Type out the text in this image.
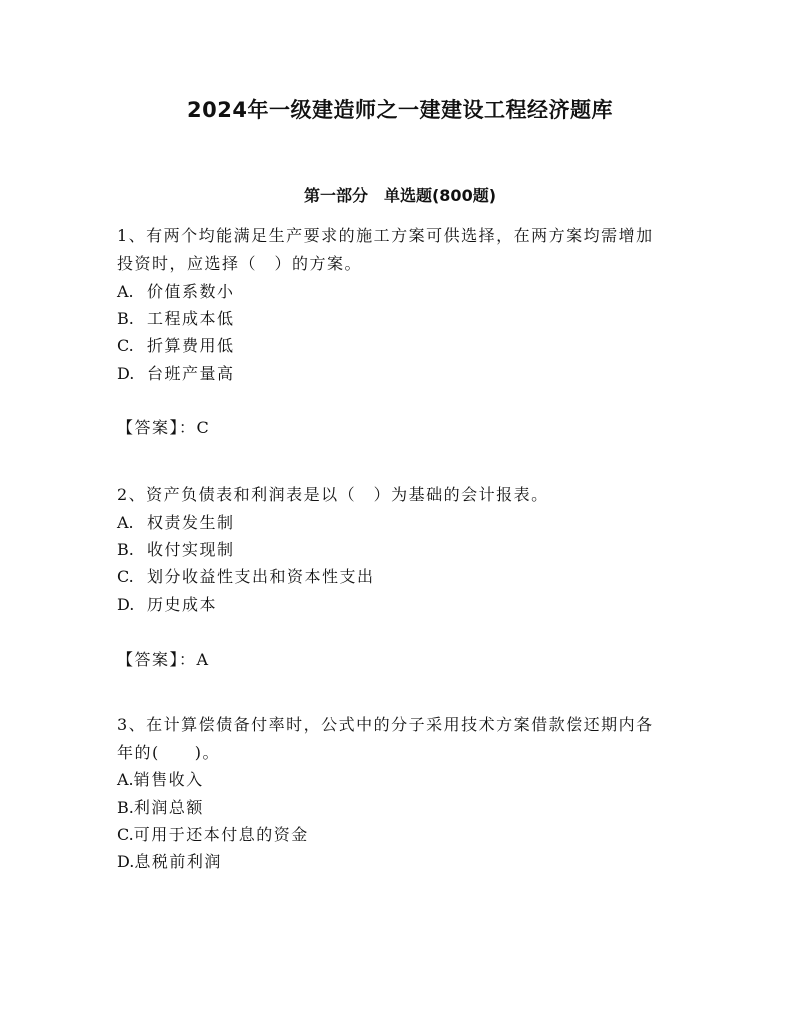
2024年一级建造师之一建建设工程经济题库
第一部分　单选题(800题)
1、有两个均能满足生产要求的施工方案可供选择，在两方案均需增加
投资时，应选择（　）的方案。
A. 价值系数小
B. 工程成本低
C. 折算费用低
D. 台班产量高
【答案】：C
2、资产负债表和利润表是以（　）为基础的会计报表。
A. 权责发生制
B. 收付实现制
C. 划分收益性支出和资本性支出
D. 历史成本
【答案】：A
3、在计算偿债备付率时，公式中的分子采用技术方案借款偿还期内各
年的(　　)。
A.销售收入
B.利润总额
C.可用于还本付息的资金
D.息税前利润
